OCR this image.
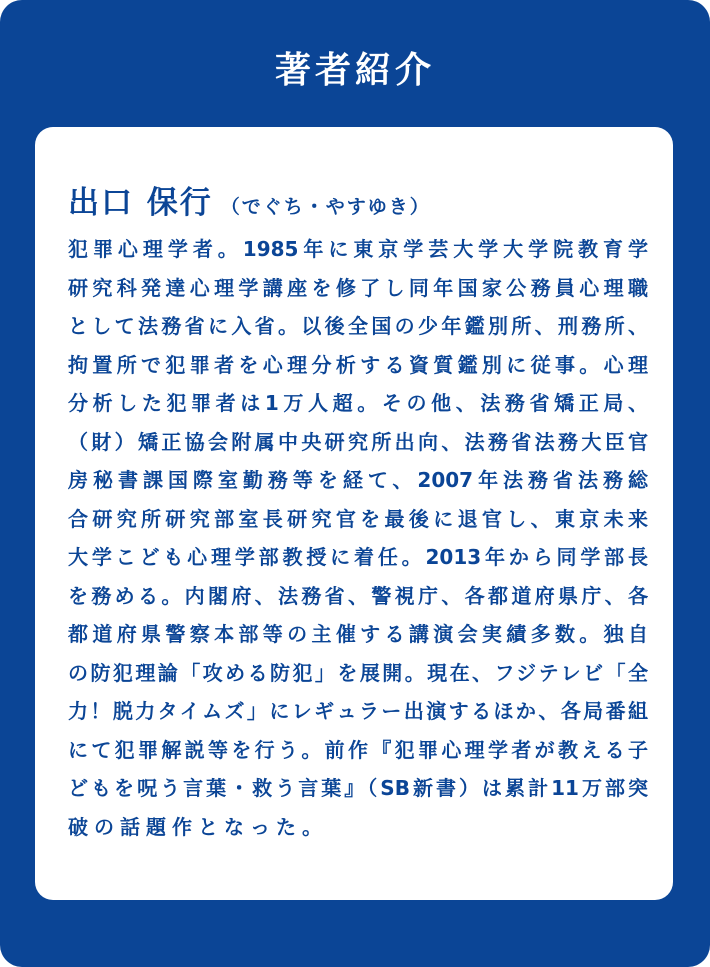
著者紹介
出口 保行 （でぐち・やすゆき）
犯罪心理学者。1985年に東京学芸大学大学院教育学
研究科発達心理学講座を修了し同年国家公務員心理職
として法務省に入省。以後全国の少年鑑別所、刑務所、
拘置所で犯罪者を心理分析する資質鑑別に従事。心理
分析した犯罪者は1万人超。その他、法務省矯正局、
（財）矯正協会附属中央研究所出向、法務省法務大臣官
房秘書課国際室勤務等を経て、2007年法務省法務総
合研究所研究部室長研究官を最後に退官し、東京未来
大学こども心理学部教授に着任。2013年から同学部長
を務める。内閣府、法務省、警視庁、各都道府県庁、各
都道府県警察本部等の主催する講演会実績多数。独自
の防犯理論「攻める防犯」を展開。現在、フジテレビ「全
力！脱力タイムズ」にレギュラー出演するほか、各局番組
にて犯罪解説等を行う。前作『犯罪心理学者が教える子
どもを呪う言葉・救う言葉』（SB新書）は累計11万部突
破の話題作となった。
